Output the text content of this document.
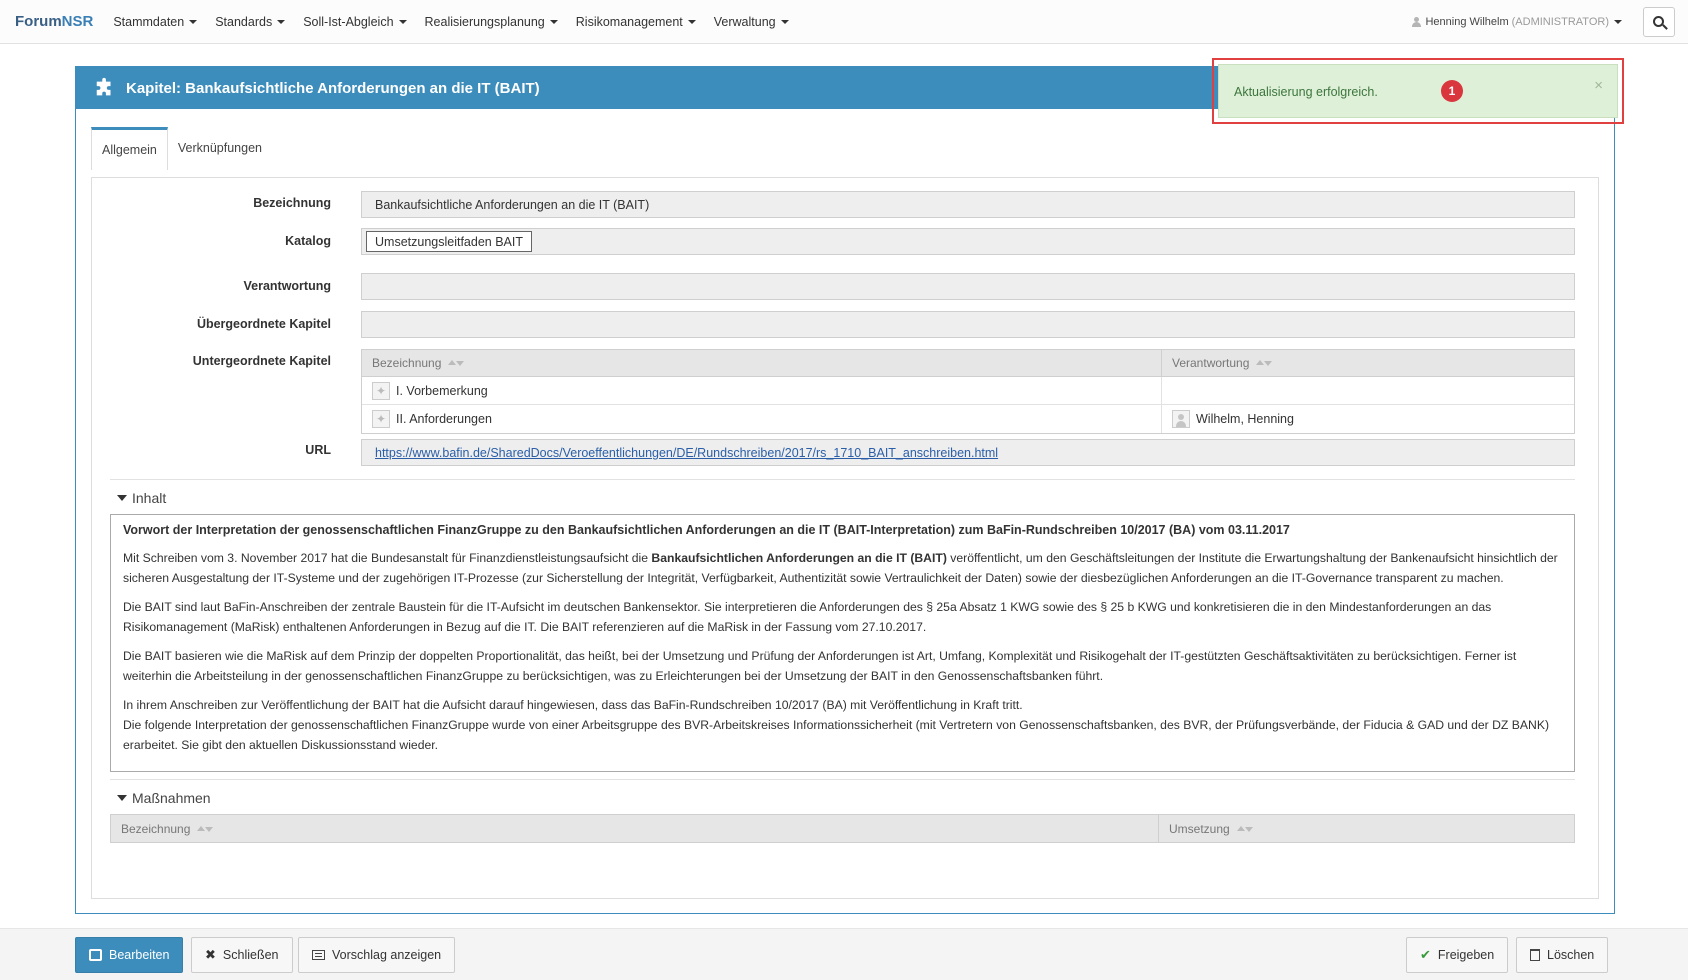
ForumNSR Stammdaten Standards Soll-Ist-Abgleich Realisierungsplanung Risikomanagement Verwaltung	Henning Wilhelm (ADMINISTRATOR)
Kapitel: Bankaufsichtliche Anforderungen an die IT (BAIT)
Allgemein	Verknüpfungen
Bezeichnung	Bankaufsichtliche Anforderungen an die IT (BAIT)
Katalog	Umsetzungsleitfaden BAIT
Verantwortung
Übergeordnete Kapitel
Untergeordnete Kapitel	Bezeichnung	Verantwortung
✦ I. Vorbemerkung
✦ II. Anforderungen	Wilhelm, Henning
URL	https://www.bafin.de/SharedDocs/Veroeffentlichungen/DE/Rundschreiben/2017/rs_1710_BAIT_anschreiben.html
Inhalt
Vorwort der Interpretation der genossenschaftlichen FinanzGruppe zu den Bankaufsichtlichen Anforderungen an die IT (BAIT-Interpretation) zum BaFin-Rundschreiben 10/2017 (BA) vom 03.11.2017

Mit Schreiben vom 3. November 2017 hat die Bundesanstalt für Finanzdienstleistungsaufsicht die Bankaufsichtlichen Anforderungen an die IT (BAIT) veröffentlicht, um den Geschäftsleitungen der Institute die Erwartungshaltung der Bankenaufsicht hinsichtlich der sicheren Ausgestaltung der IT-Systeme und der zugehörigen IT-Prozesse (zur Sicherstellung der Integrität, Verfügbarkeit, Authentizität sowie Vertraulichkeit der Daten) sowie der diesbezüglichen Anforderungen an die IT-Governance transparent zu machen.

Die BAIT sind laut BaFin-Anschreiben der zentrale Baustein für die IT-Aufsicht im deutschen Bankensektor. Sie interpretieren die Anforderungen des § 25a Absatz 1 KWG sowie des § 25 b KWG und konkretisieren die in den Mindestanforderungen an das Risikomanagement (MaRisk) enthaltenen Anforderungen in Bezug auf die IT. Die BAIT referenzieren auf die MaRisk in der Fassung vom 27.10.2017.

Die BAIT basieren wie die MaRisk auf dem Prinzip der doppelten Proportionalität, das heißt, bei der Umsetzung und Prüfung der Anforderungen ist Art, Umfang, Komplexität und Risikogehalt der IT-gestützten Geschäftsaktivitäten zu berücksichtigen. Ferner ist weiterhin die Arbeitsteilung in der genossenschaftlichen FinanzGruppe zu berücksichtigen, was zu Erleichterungen bei der Umsetzung der BAIT in den Genossenschaftsbanken führt.

In ihrem Anschreiben zur Veröffentlichung der BAIT hat die Aufsicht darauf hingewiesen, dass das BaFin-Rundschreiben 10/2017 (BA) mit Veröffentlichung in Kraft tritt.
Die folgende Interpretation der genossenschaftlichen FinanzGruppe wurde von einer Arbeitsgruppe des BVR-Arbeitskreises Informationssicherheit (mit Vertretern von Genossenschaftsbanken, des BVR, der Prüfungsverbände, der Fiducia & GAD und der DZ BANK) erarbeitet. Sie gibt den aktuellen Diskussionsstand wieder.

Maßnahmen
Bezeichnung	Umsetzung
Aktualisierung erfolgreich.	1	×
Bearbeiten	✖ Schließen	Vorschlag anzeigen	✔ Freigeben	Löschen
